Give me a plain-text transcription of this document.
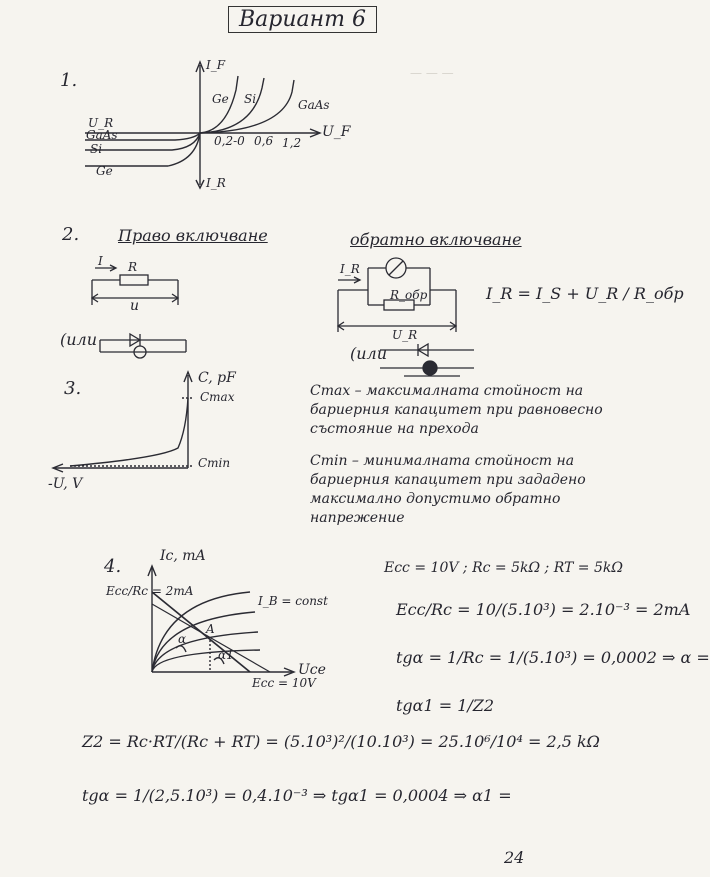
— — —
Вариант 6
1.
I_F
U_F
I_R
U_R
GaAs
Si
Ge
Ge Si	GaAs
0,2-0 0,6 1,2
2. Право включване	обратно включване
I R
u
(или
I_R
R_обр
U_R
(или
I_R = I_S + U_R / R_обр
3.	C, pF
-U, V
Cmax
Cmin
Cmax – максималната стойност на бариерния капацитет при равновесно състояние на прехода
Cmin – минималната стойност на бариерния капацитет при зададено максимално допустимо обратно напрежение
4.	Ic, mA
Ecc/Rc = 2mA
I_B = const
A
α
α1
Uce
Ecc = 10V
Ecc = 10V ; Rc = 5kΩ ; RT = 5kΩ
Ecc/Rc = 10/(5.10³) = 2.10⁻³ = 2mA
tgα = 1/Rc = 1/(5.10³) = 0,0002 ⇒ α =
tgα1 = 1/Z2
Z2 = Rc·RT/(Rc + RT) = (5.10³)²/(10.10³) = 25.10⁶/10⁴ = 2,5 kΩ
tgα = 1/(2,5.10³) = 0,4.10⁻³ ⇒ tgα1 = 0,0004 ⇒ α1 =
24
